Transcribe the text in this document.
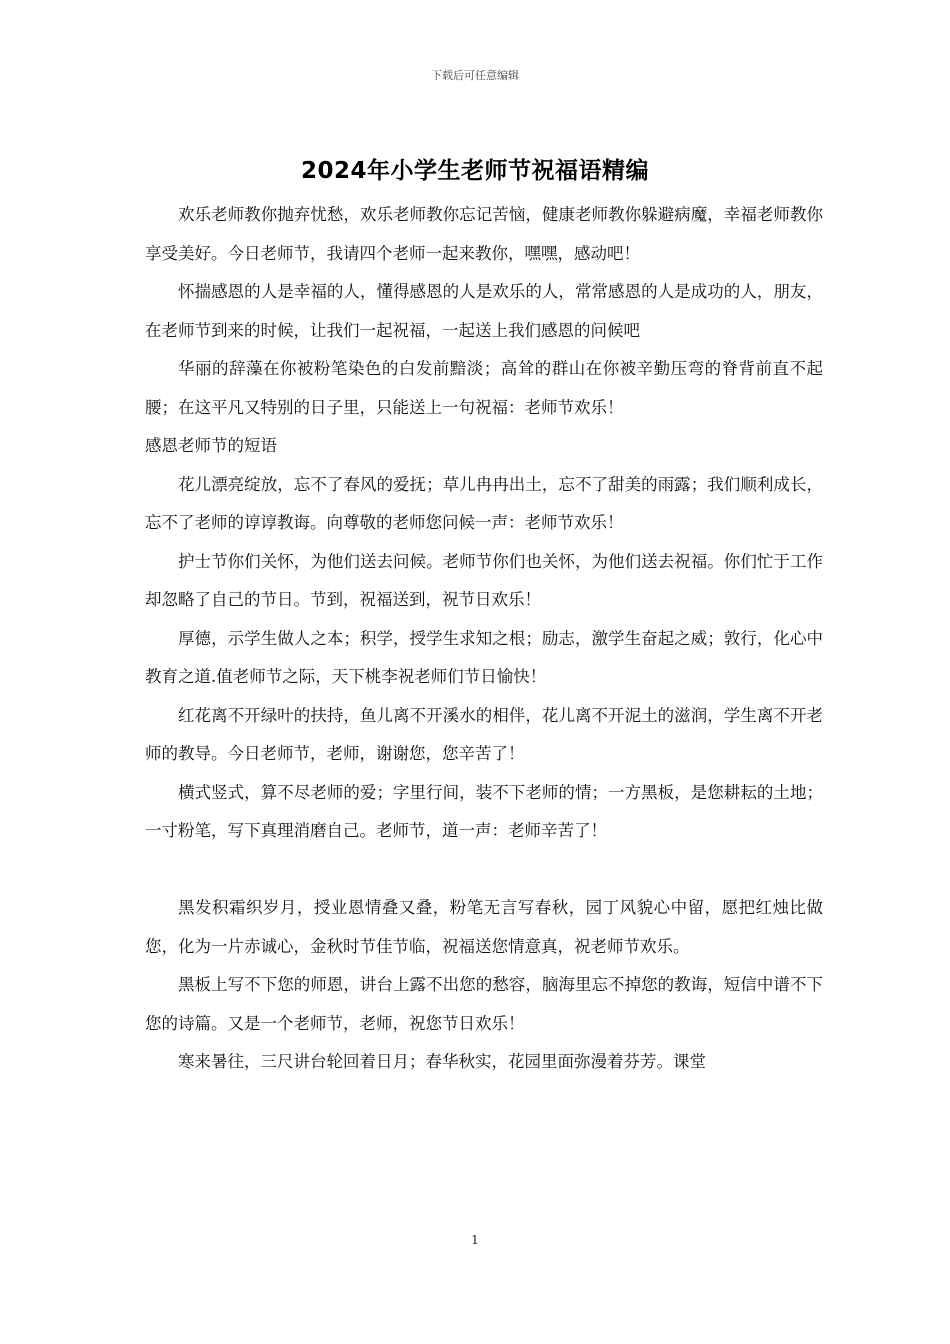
下载后可任意编辑
2024年小学生老师节祝福语精编

欢乐老师教你抛弃忧愁，欢乐老师教你忘记苦恼，健康老师教你躲避病魔，幸福老师教你享受美好。今日老师节，我请四个老师一起来教你，嘿嘿，感动吧！

怀揣感恩的人是幸福的人，懂得感恩的人是欢乐的人，常常感恩的人是成功的人，朋友，在老师节到来的时候，让我们一起祝福，一起送上我们感恩的问候吧

华丽的辞藻在你被粉笔染色的白发前黯淡；高耸的群山在你被辛勤压弯的脊背前直不起腰；在这平凡又特别的日子里，只能送上一句祝福：老师节欢乐！

感恩老师节的短语

花儿漂亮绽放，忘不了春风的爱抚；草儿冉冉出土，忘不了甜美的雨露；我们顺利成长，忘不了老师的谆谆教诲。向尊敬的老师您问候一声：老师节欢乐！

护士节你们关怀，为他们送去问候。老师节你们也关怀，为他们送去祝福。你们忙于工作却忽略了自己的节日。节到，祝福送到，祝节日欢乐！

厚德，示学生做人之本；积学，授学生求知之根；励志，激学生奋起之威；敦行，化心中教育之道.值老师节之际，天下桃李祝老师们节日愉快！

红花离不开绿叶的扶持，鱼儿离不开溪水的相伴，花儿离不开泥土的滋润，学生离不开老师的教导。今日老师节，老师，谢谢您，您辛苦了！

横式竖式，算不尽老师的爱；字里行间，装不下老师的情；一方黑板，是您耕耘的土地；一寸粉笔，写下真理消磨自己。老师节，道一声：老师辛苦了！

黑发积霜织岁月，授业恩情叠又叠，粉笔无言写春秋，园丁风貌心中留，愿把红烛比做您，化为一片赤诚心，金秋时节佳节临，祝福送您情意真，祝老师节欢乐。

黑板上写不下您的师恩，讲台上露不出您的愁容，脑海里忘不掉您的教诲，短信中谱不下您的诗篇。又是一个老师节，老师，祝您节日欢乐！

寒来暑往，三尺讲台轮回着日月；春华秋实，花园里面弥漫着芬芳。课堂

1
